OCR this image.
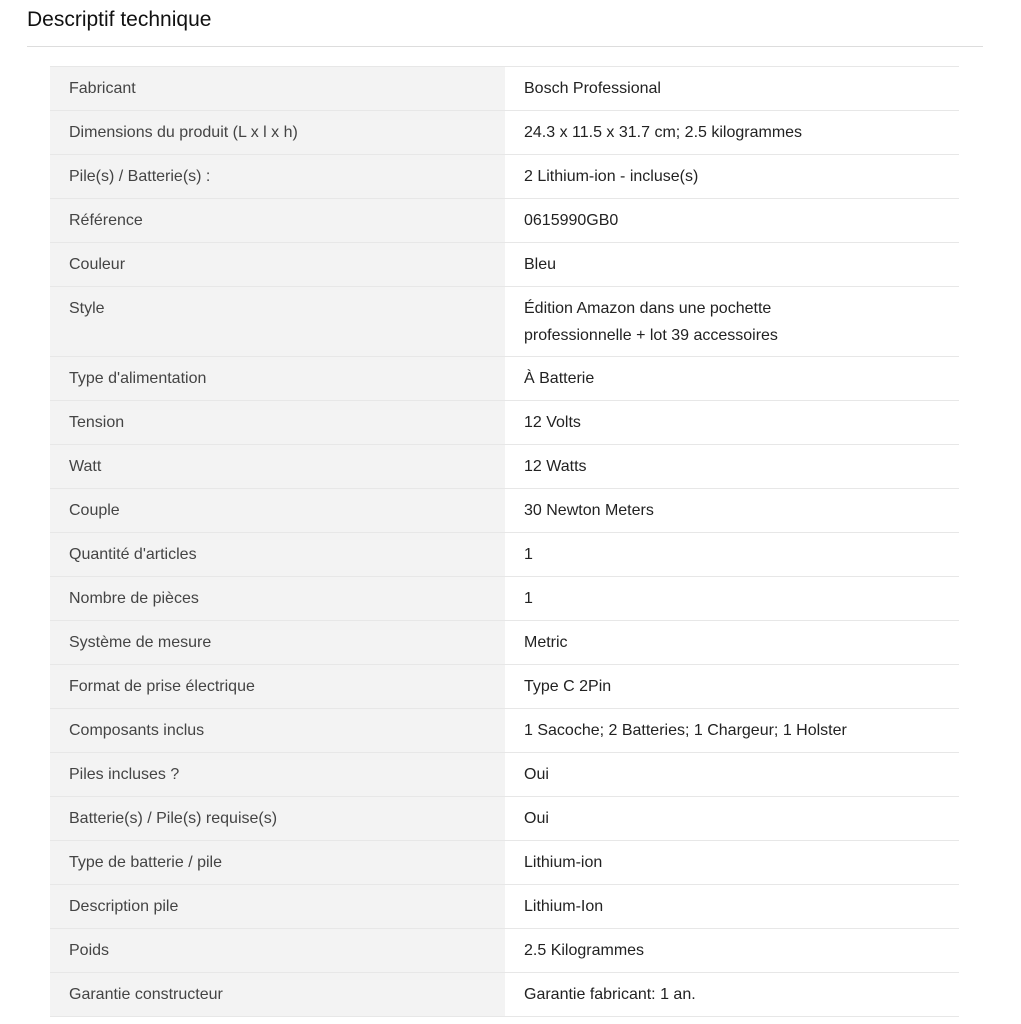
Descriptif technique
Fabricant	Bosch Professional
Dimensions du produit (L x l x h)	24.3 x 11.5 x 31.7 cm; 2.5 kilogrammes
Pile(s) / Batterie(s) :	2 Lithium-ion - incluse(s)
Référence	0615990GB0
Couleur	Bleu
Style	Édition Amazon dans une pochette professionnelle + lot 39 accessoires
Type d'alimentation	À Batterie
Tension	12 Volts
Watt	12 Watts
Couple	30 Newton Meters
Quantité d'articles	1
Nombre de pièces	1
Système de mesure	Metric
Format de prise électrique	Type C 2Pin
Composants inclus	1 Sacoche; 2 Batteries; 1 Chargeur; 1 Holster
Piles incluses ?	Oui
Batterie(s) / Pile(s) requise(s)	Oui
Type de batterie / pile	Lithium-ion
Description pile	Lithium-Ion
Poids	2.5 Kilogrammes
Garantie constructeur	Garantie fabricant: 1 an.
